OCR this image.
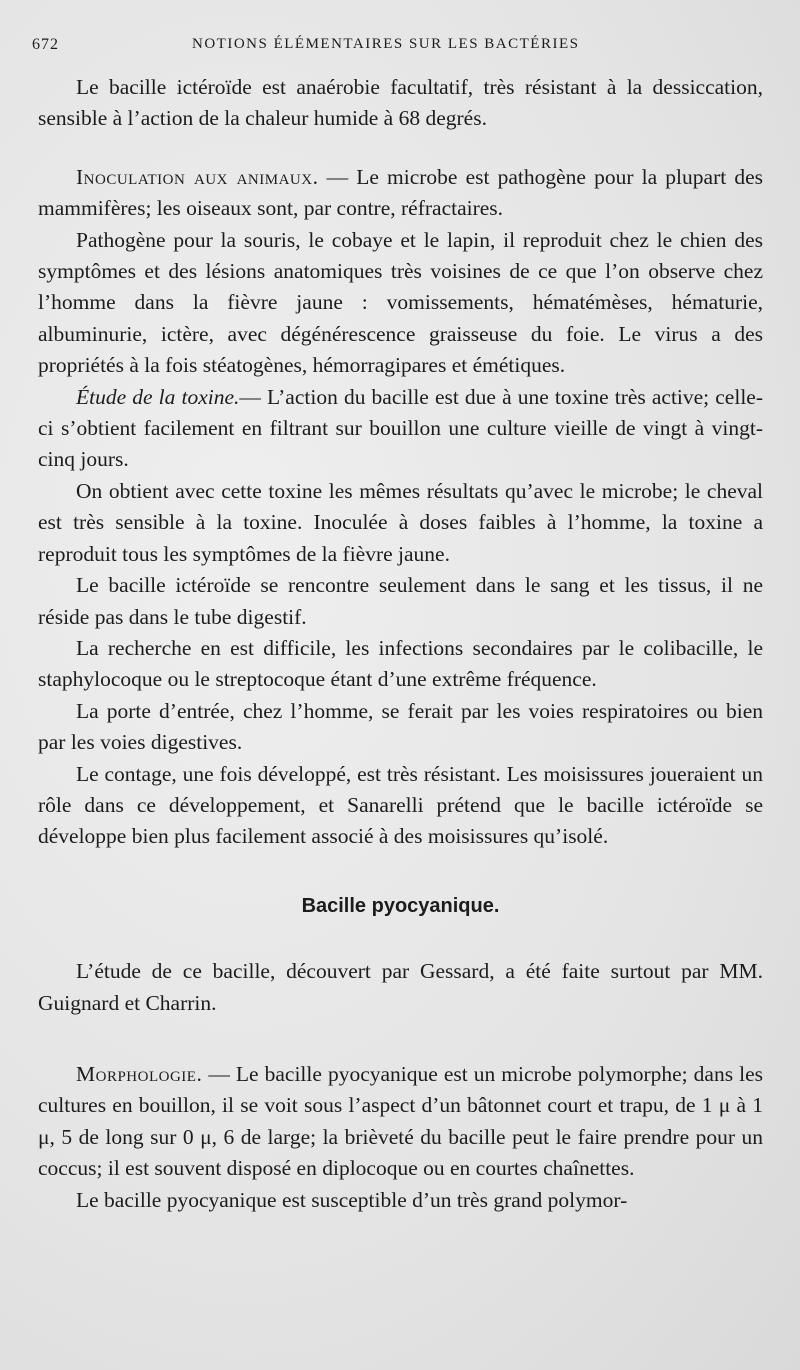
672	NOTIONS ÉLÉMENTAIRES SUR LES BACTÉRIES

Le bacille ictéroïde est anaérobie facultatif, très résistant à la dessiccation, sensible à l’action de la chaleur humide à 68 degrés.

Inoculation aux animaux. — Le microbe est pathogène pour la plupart des mammifères; les oiseaux sont, par contre, réfractaires.

Pathogène pour la souris, le cobaye et le lapin, il reproduit chez le chien des symptômes et des lésions anatomiques très voisines de ce que l’on observe chez l’homme dans la fièvre jaune : vomissements, hématémèses, hématurie, albuminurie, ictère, avec dégénérescence graisseuse du foie. Le virus a des propriétés à la fois stéatogènes, hémorragipares et émétiques.

Étude de la toxine.— L’action du bacille est due à une toxine très active; celle-ci s’obtient facilement en filtrant sur bouillon une culture vieille de vingt à vingt-cinq jours.

On obtient avec cette toxine les mêmes résultats qu’avec le microbe; le cheval est très sensible à la toxine. Inoculée à doses faibles à l’homme, la toxine a reproduit tous les symptômes de la fièvre jaune.

Le bacille ictéroïde se rencontre seulement dans le sang et les tissus, il ne réside pas dans le tube digestif.

La recherche en est difficile, les infections secondaires par le colibacille, le staphylocoque ou le streptocoque étant d’une extrême fréquence.

La porte d’entrée, chez l’homme, se ferait par les voies respiratoires ou bien par les voies digestives.

Le contage, une fois développé, est très résistant. Les moisissures joueraient un rôle dans ce développement, et Sanarelli prétend que le bacille ictéroïde se développe bien plus facilement associé à des moisissures qu’isolé.

Bacille pyocyanique.

L’étude de ce bacille, découvert par Gessard, a été faite surtout par MM. Guignard et Charrin.

Morphologie. — Le bacille pyocyanique est un microbe polymorphe; dans les cultures en bouillon, il se voit sous l’aspect d’un bâtonnet court et trapu, de 1 μ à 1 μ, 5 de long sur 0 μ, 6 de large; la brièveté du bacille peut le faire prendre pour un coccus; il est souvent disposé en diplocoque ou en courtes chaînettes.

Le bacille pyocyanique est susceptible d’un très grand polymor-
